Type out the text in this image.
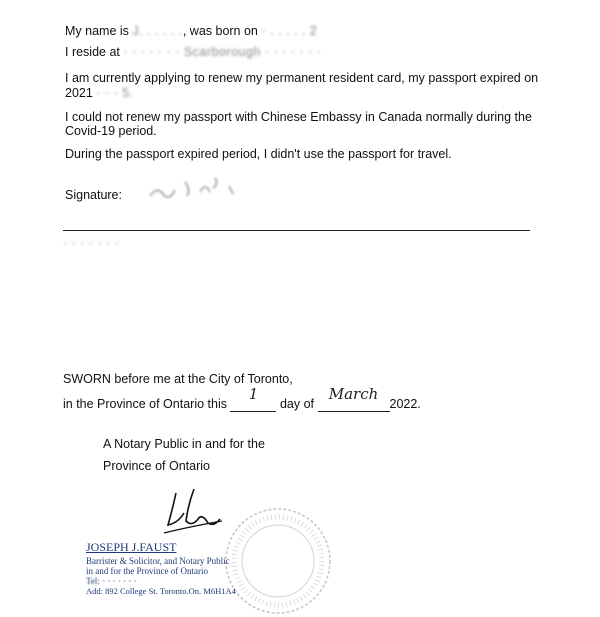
My name is J. . . . . ., was born on · . . . . . 2
I reside at · · · · · · · Scarborough · · · · · · ·
I am currently applying to renew my permanent resident card, my passport expired on
2021 · · · 5.
I could not renew my passport with Chinese Embassy in Canada normally during the
Covid-19 period.
During the passport expired period, I didn't use the passport for travel.
Signature:
· · · · · · ·
SWORN before me at the City of Toronto,
in the Province of Ontario this
1
day of
March
2022.
A Notary Public in and for the
Province of Ontario
JOSEPH J.FAUST
Barrister & Solicitor, and Notary Public
in and for the Province of Ontario
Tel: · · · · · · ·
Add: 892 College St. Toronto.On. M6H1A4
